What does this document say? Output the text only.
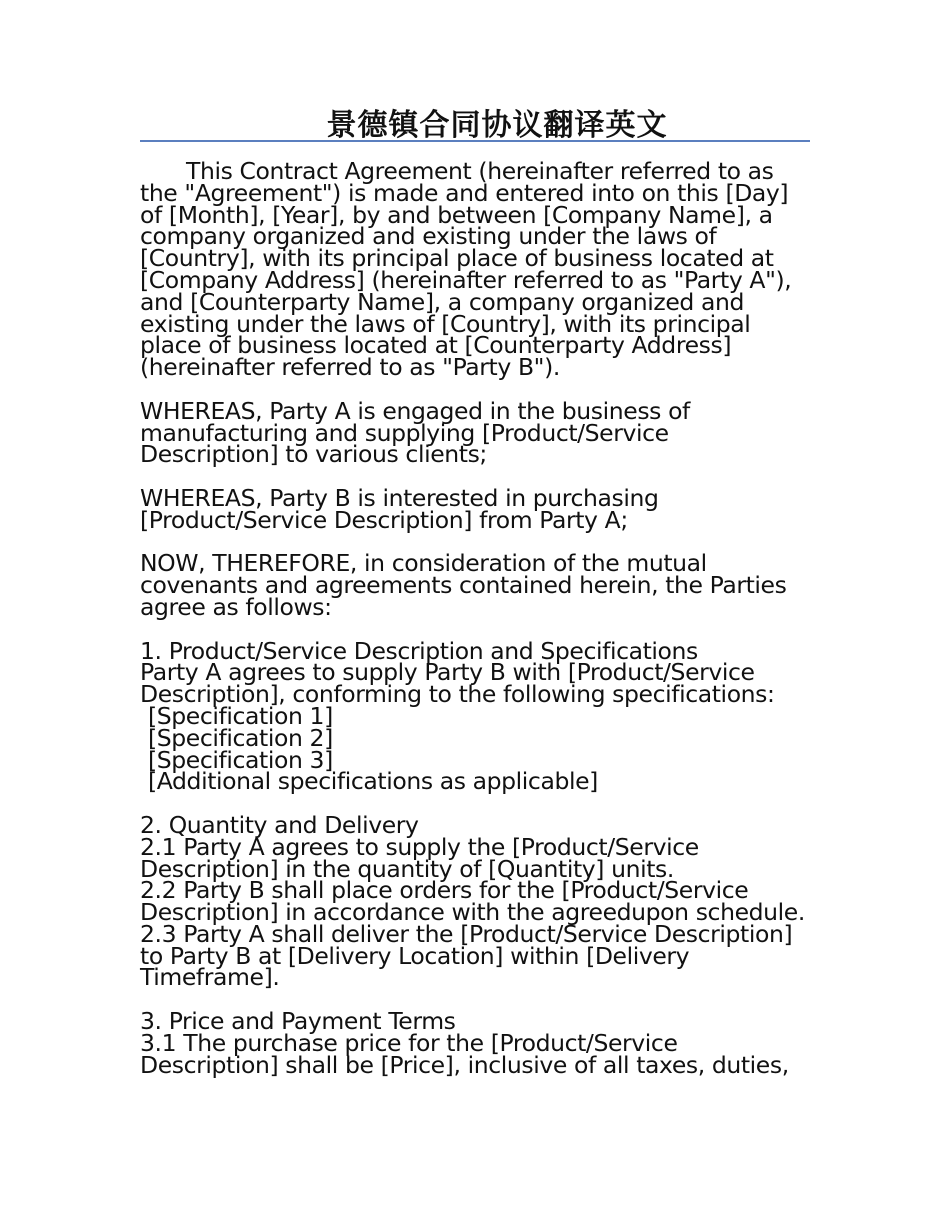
景德镇合同协议翻译英文

This Contract Agreement (hereinafter referred to as the "Agreement") is made and entered into on this [Day] of [Month], [Year], by and between [Company Name], a company organized and existing under the laws of [Country], with its principal place of business located at [Company Address] (hereinafter referred to as "Party A"), and [Counterparty Name], a company organized and existing under the laws of [Country], with its principal place of business located at [Counterparty Address] (hereinafter referred to as "Party B").

WHEREAS, Party A is engaged in the business of manufacturing and supplying [Product/Service Description] to various clients;

WHEREAS, Party B is interested in purchasing [Product/Service Description] from Party A;

NOW, THEREFORE, in consideration of the mutual covenants and agreements contained herein, the Parties agree as follows:

1. Product/Service Description and Specifications
Party A agrees to supply Party B with [Product/Service Description], conforming to the following specifications:
[Specification 1]
[Specification 2]
[Specification 3]
[Additional specifications as applicable]

2. Quantity and Delivery
2.1 Party A agrees to supply the [Product/Service Description] in the quantity of [Quantity] units.
2.2 Party B shall place orders for the [Product/Service Description] in accordance with the agreedupon schedule.
2.3 Party A shall deliver the [Product/Service Description] to Party B at [Delivery Location] within [Delivery Timeframe].

3. Price and Payment Terms
3.1 The purchase price for the [Product/Service Description] shall be [Price], inclusive of all taxes, duties,
